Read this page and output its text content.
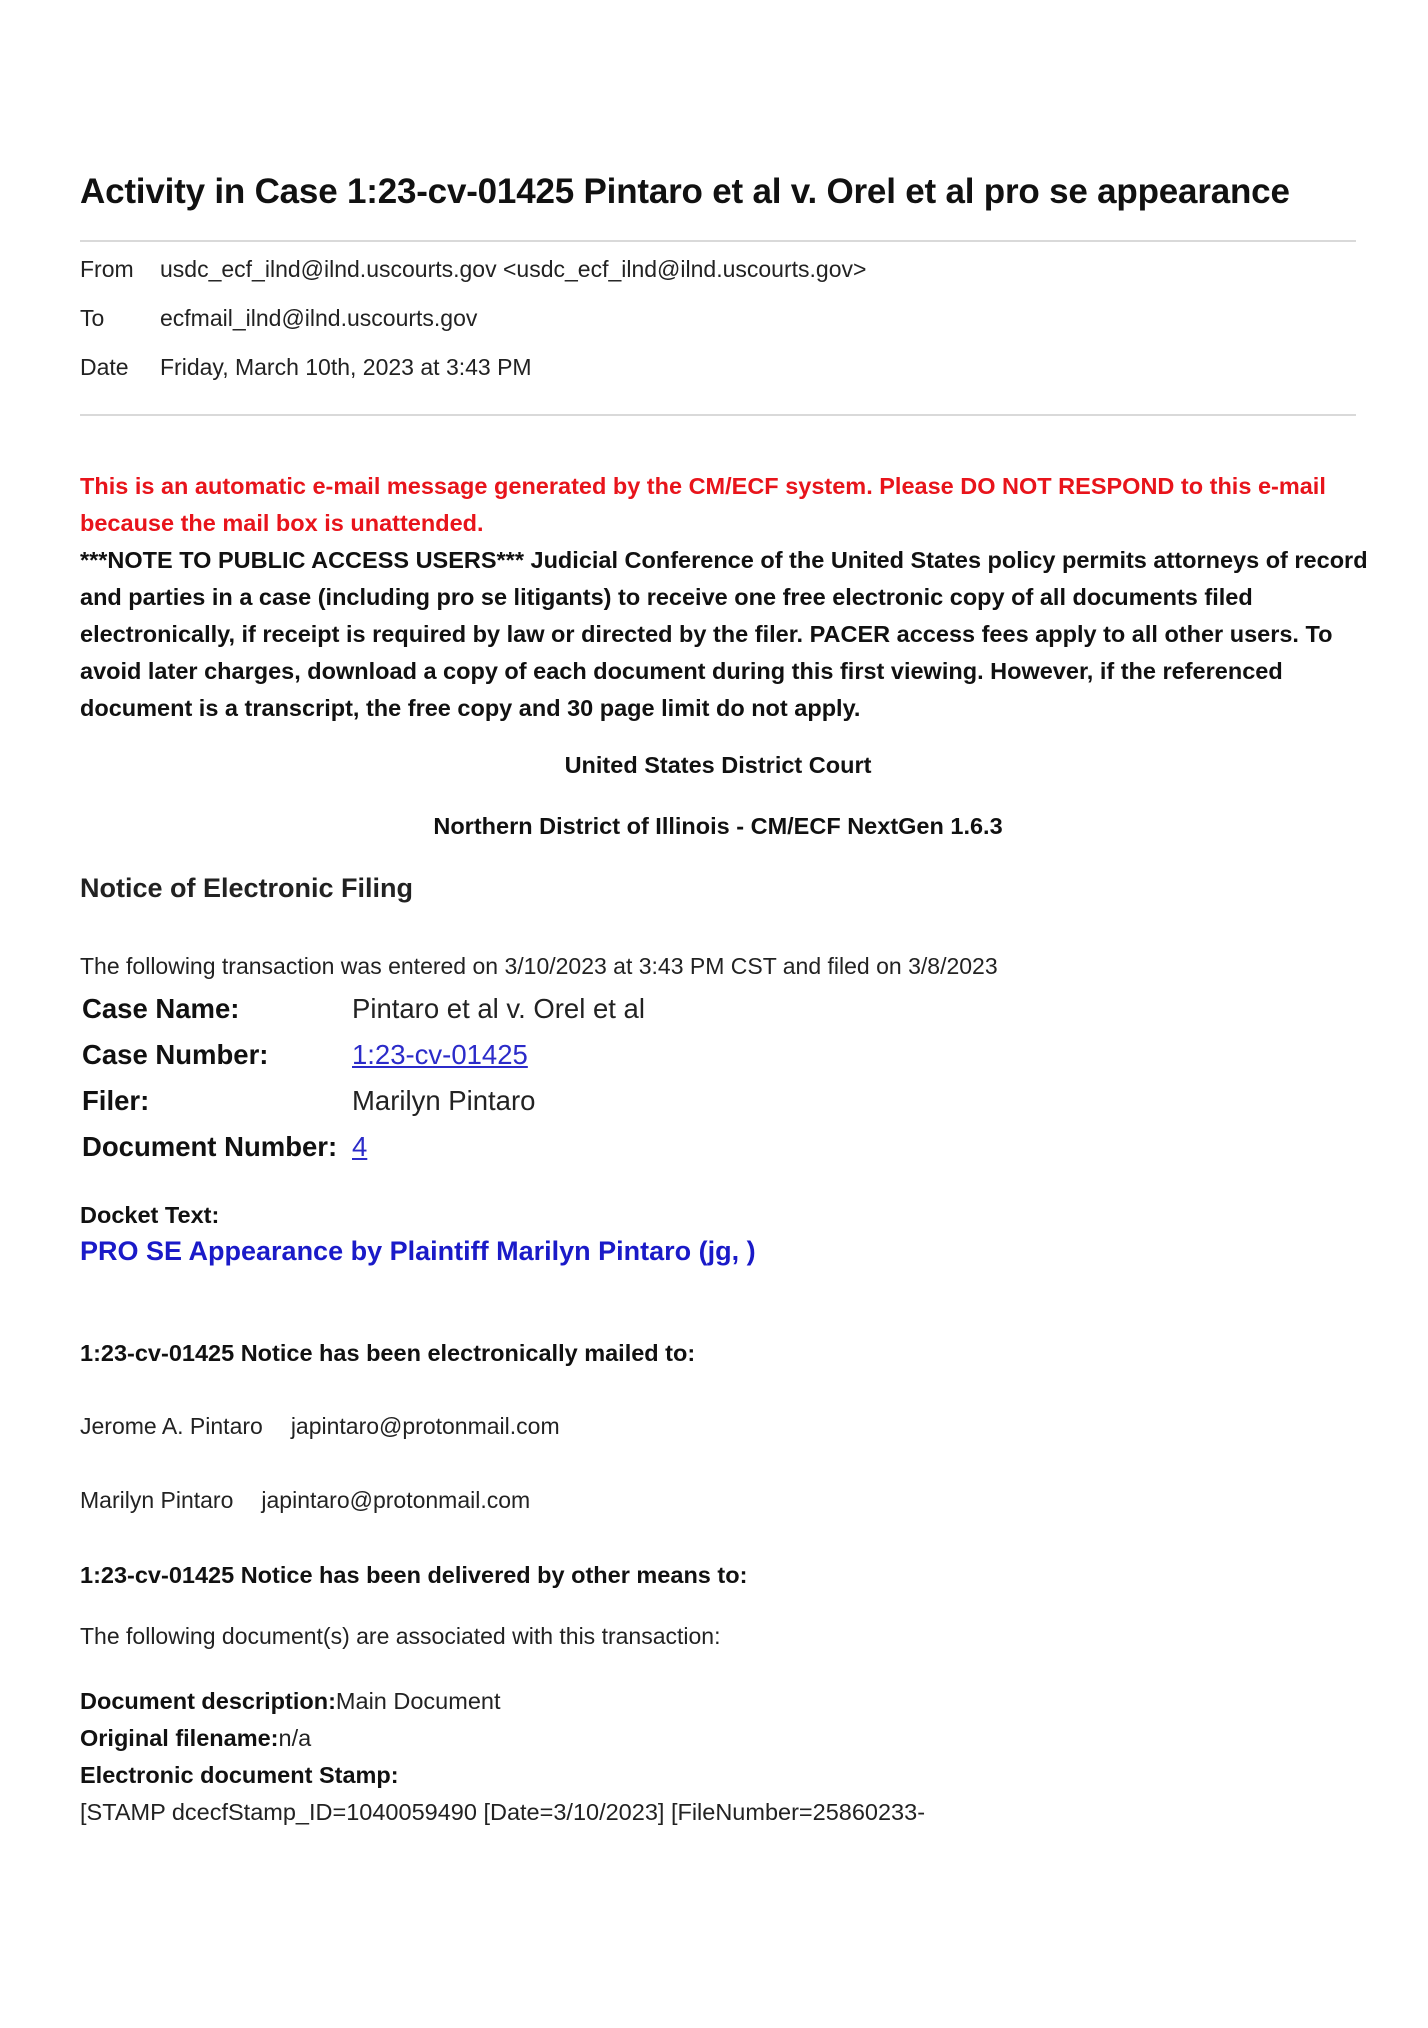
Activity in Case 1:23-cv-01425 Pintaro et al v. Orel et al pro se appearance
From usdc_ecf_ilnd@ilnd.uscourts.gov <usdc_ecf_ilnd@ilnd.uscourts.gov>
To ecfmail_ilnd@ilnd.uscourts.gov
Date Friday, March 10th, 2023 at 3:43 PM
This is an automatic e-mail message generated by the CM/ECF system. Please DO NOT RESPOND to this e-mail because the mail box is unattended.
***NOTE TO PUBLIC ACCESS USERS*** Judicial Conference of the United States policy permits attorneys of record and parties in a case (including pro se litigants) to receive one free electronic copy of all documents filed electronically, if receipt is required by law or directed by the filer. PACER access fees apply to all other users. To avoid later charges, download a copy of each document during this first viewing. However, if the referenced document is a transcript, the free copy and 30 page limit do not apply.
United States District Court
Northern District of Illinois - CM/ECF NextGen 1.6.3
Notice of Electronic Filing
The following transaction was entered on 3/10/2023 at 3:43 PM CST and filed on 3/8/2023
Case Name:	Pintaro et al v. Orel et al
Case Number:	1:23-cv-01425
Filer:	Marilyn Pintaro
Document Number:	4
Docket Text:
PRO SE Appearance by Plaintiff Marilyn Pintaro (jg, )
1:23-cv-01425 Notice has been electronically mailed to:
Jerome A. Pintaro japintaro@protonmail.com
Marilyn Pintaro japintaro@protonmail.com
1:23-cv-01425 Notice has been delivered by other means to:
The following document(s) are associated with this transaction:
Document description:Main Document
Original filename:n/a
Electronic document Stamp:
[STAMP dcecfStamp_ID=1040059490 [Date=3/10/2023] [FileNumber=25860233-
